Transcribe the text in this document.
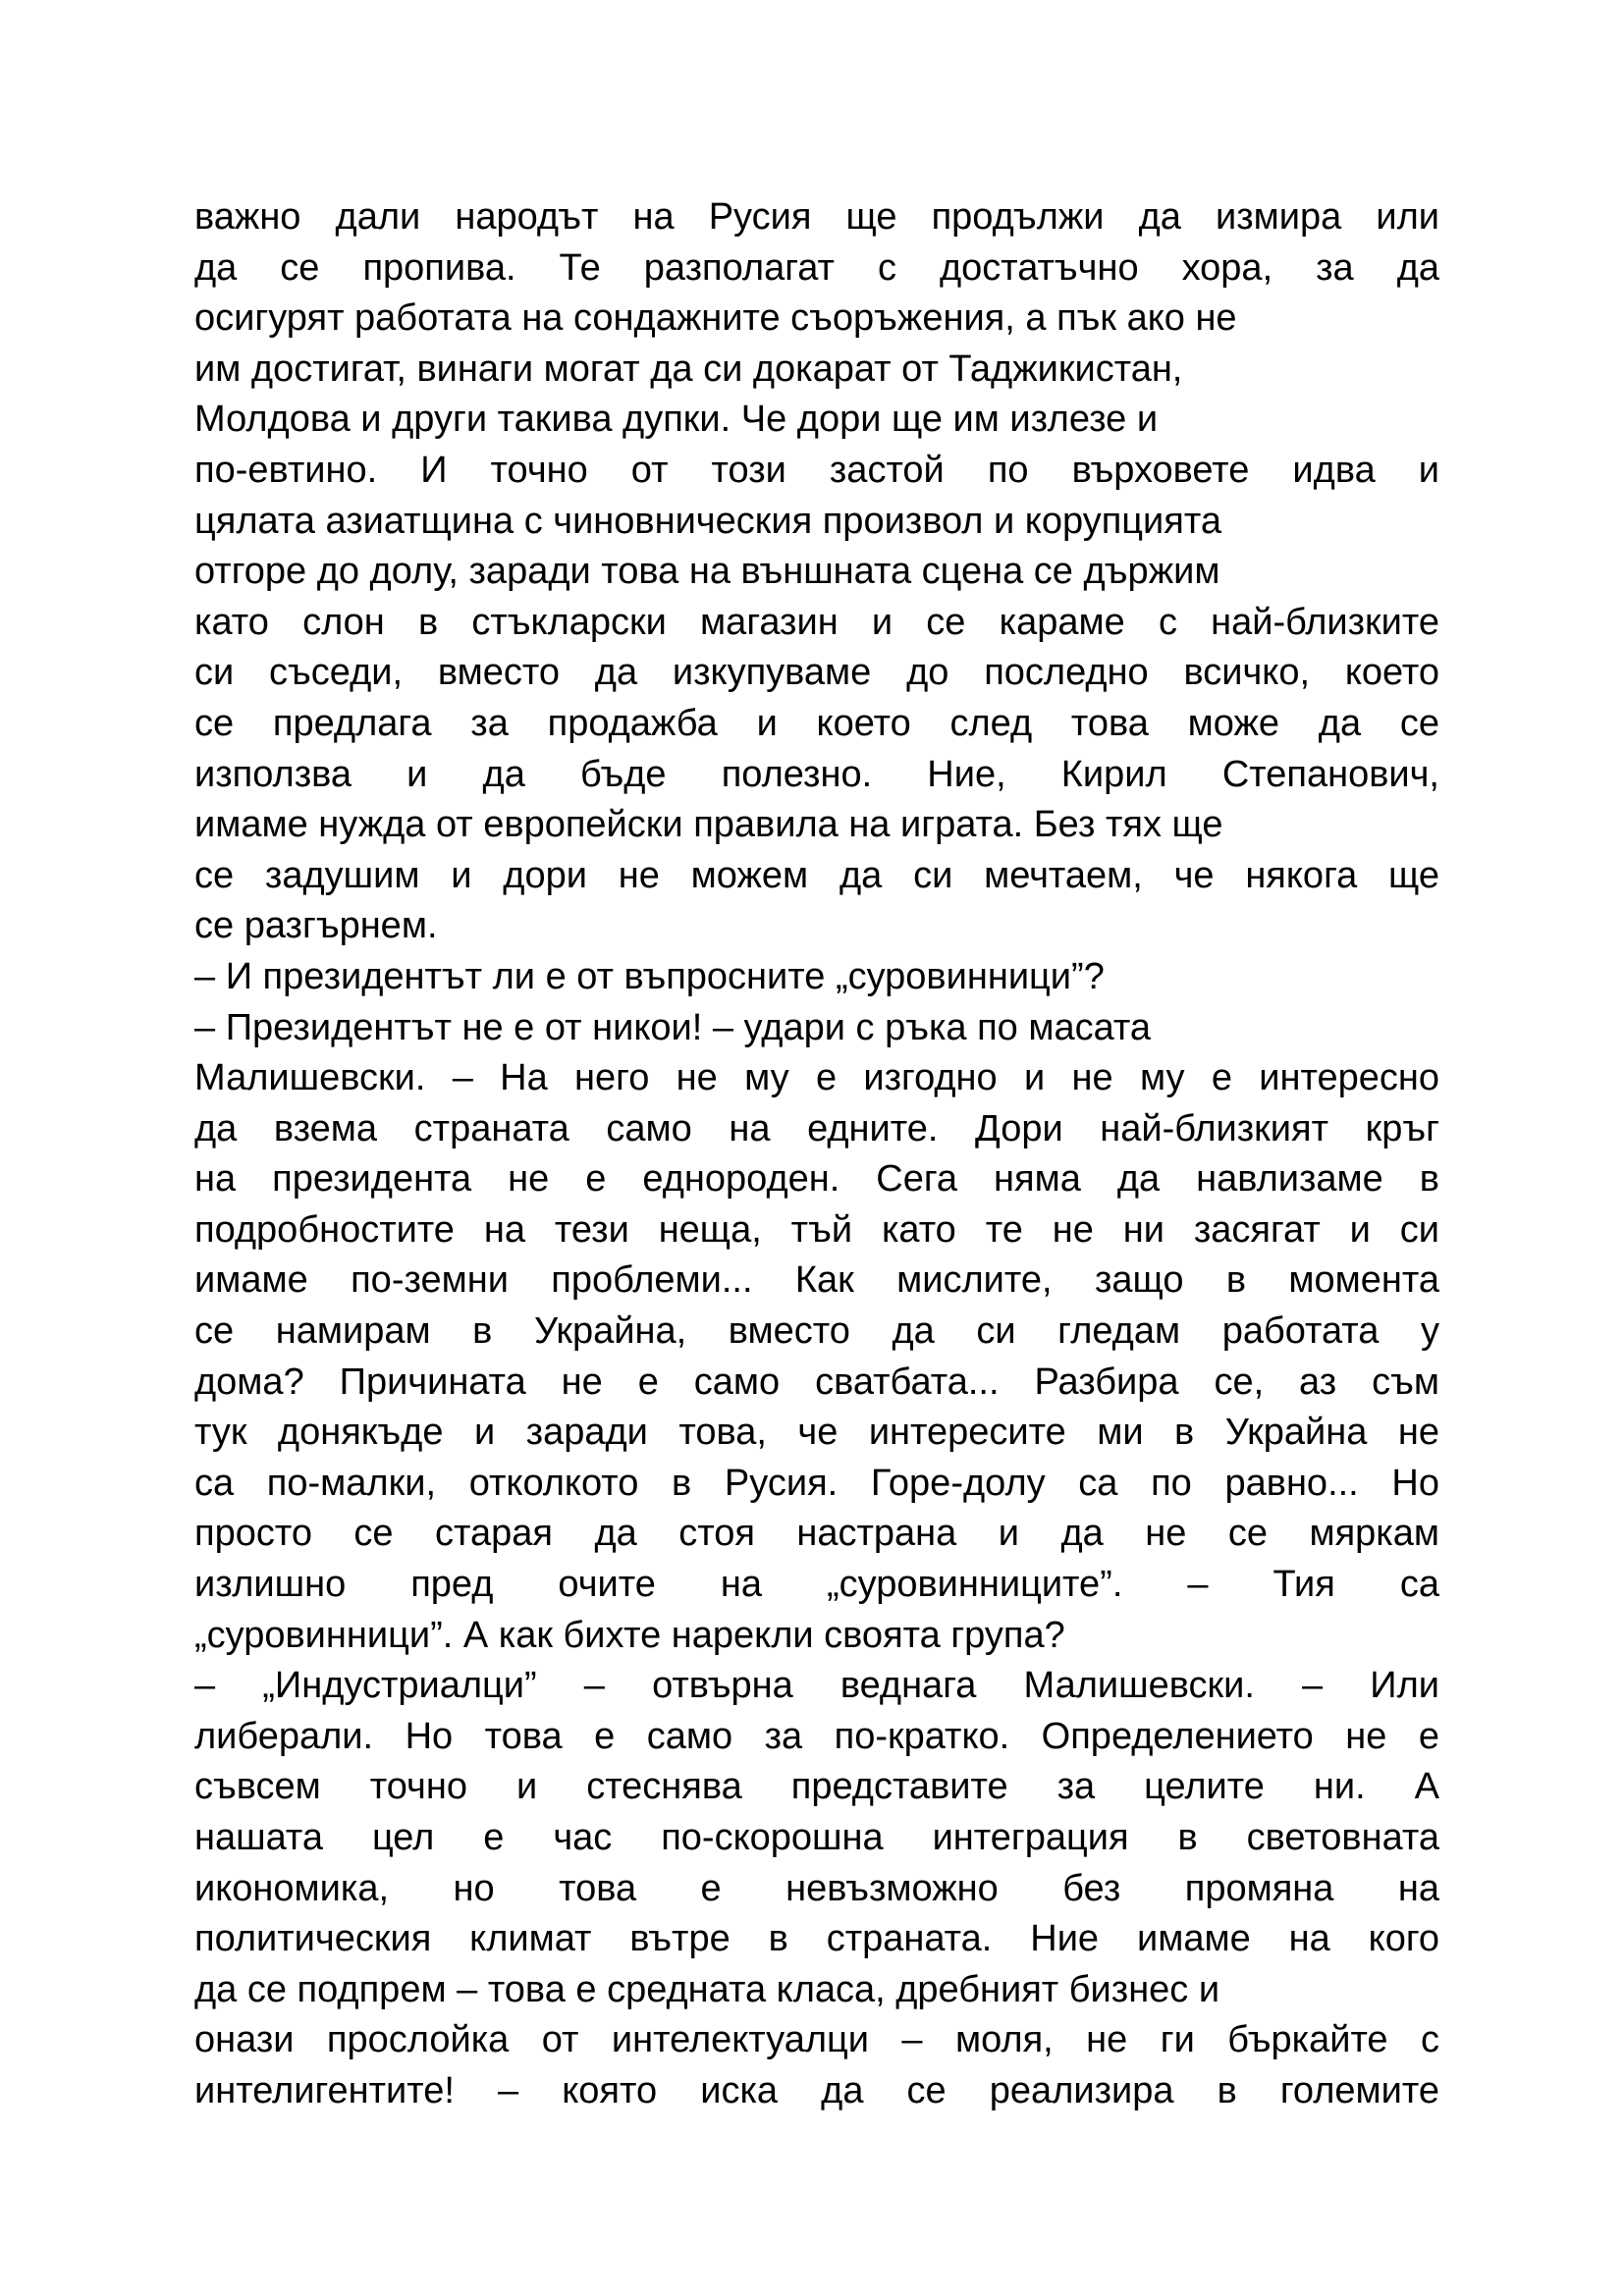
важно дали народът на Русия ще продължи да измира или
да се пропива. Те разполагат с достатъчно хора, за да
осигурят работата на сондажните съоръжения, а пък ако не
им достигат, винаги могат да си докарат от Таджикистан,
Молдова и други такива дупки. Че дори ще им излезе и
по-евтино. И точно от този застой по върховете идва и
цялата азиатщина с чиновническия произвол и корупцията
отгоре до долу, заради това на външната сцена се държим
като слон в стъкларски магазин и се караме с най-близките
си съседи, вместо да изкупуваме до последно всичко, което
се предлага за продажба и което след това може да се
използва и да бъде полезно. Ние, Кирил Степанович,
имаме нужда от европейски правила на играта. Без тях ще
се задушим и дори не можем да си мечтаем, че някога ще
се разгърнем.
– И президентът ли е от въпросните „суровинници”?
– Президентът не е от никои! – удари с ръка по масата
Малишевски. – На него не му е изгодно и не му е интересно
да взема страната само на едните. Дори най-близкият кръг
на президента не е еднороден. Сега няма да навлизаме в
подробностите на тези неща, тъй като те не ни засягат и си
имаме по-земни проблеми... Как мислите, защо в момента
се намирам в Украйна, вместо да си гледам работата у
дома? Причината не е само сватбата... Разбира се, аз съм
тук донякъде и заради това, че интересите ми в Украйна не
са по-малки, отколкото в Русия. Горе-долу са по равно... Но
просто се старая да стоя настрана и да не се мяркам
излишно пред очите на „суровинниците”. – Тия са
„суровинници”. А как бихте нарекли своята група?
– „Индустриалци” – отвърна веднага Малишевски. – Или
либерали. Но това е само за по-кратко. Определението не е
съвсем точно и стеснява представите за целите ни. А
нашата цел е час по-скорошна интеграция в световната
икономика, но това е невъзможно без промяна на
политическия климат вътре в страната. Ние имаме на кого
да се подпрем – това е средната класа, дребният бизнес и
онази прослойка от интелектуалци – моля, не ги бъркайте с
интелигентите! – която иска да се реализира в големите
